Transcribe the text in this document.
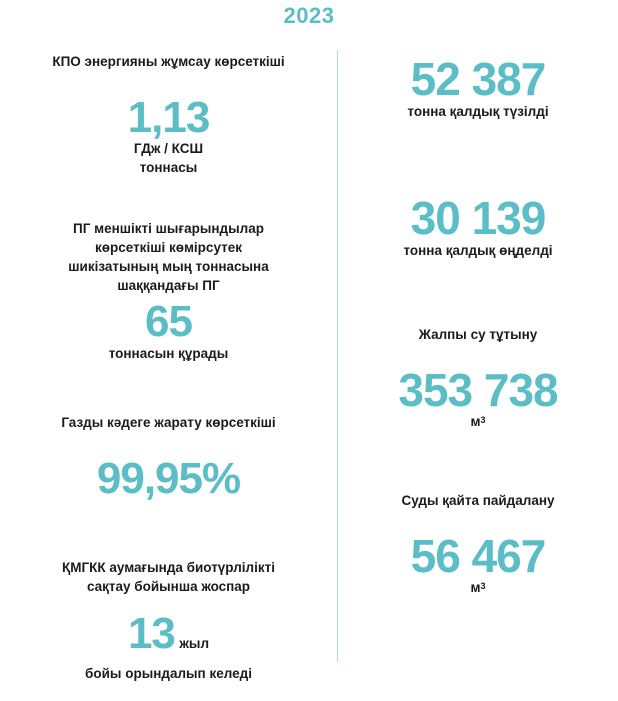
2023
КПО энергияны жұмсау көрсеткіші
1,13
ГДж / КСШ
тоннасы
ПГ меншікті шығарындылар
көрсеткіші көмірсутек
шикізатының мың тоннасына
шаққандағы ПГ
65
тоннасын құрады
Газды кәдеге жарату көрсеткіші
99,95%
ҚМГКК аумағында биотүрлілікті
сақтау бойынша жоспар
13 жыл
бойы орындалып келеді
52 387
тонна қалдық түзілді
30 139
тонна қалдық өңделді
Жалпы су тұтыну
353 738
$м^3$
Суды қайта пайдалану
56 467
$м^3$
